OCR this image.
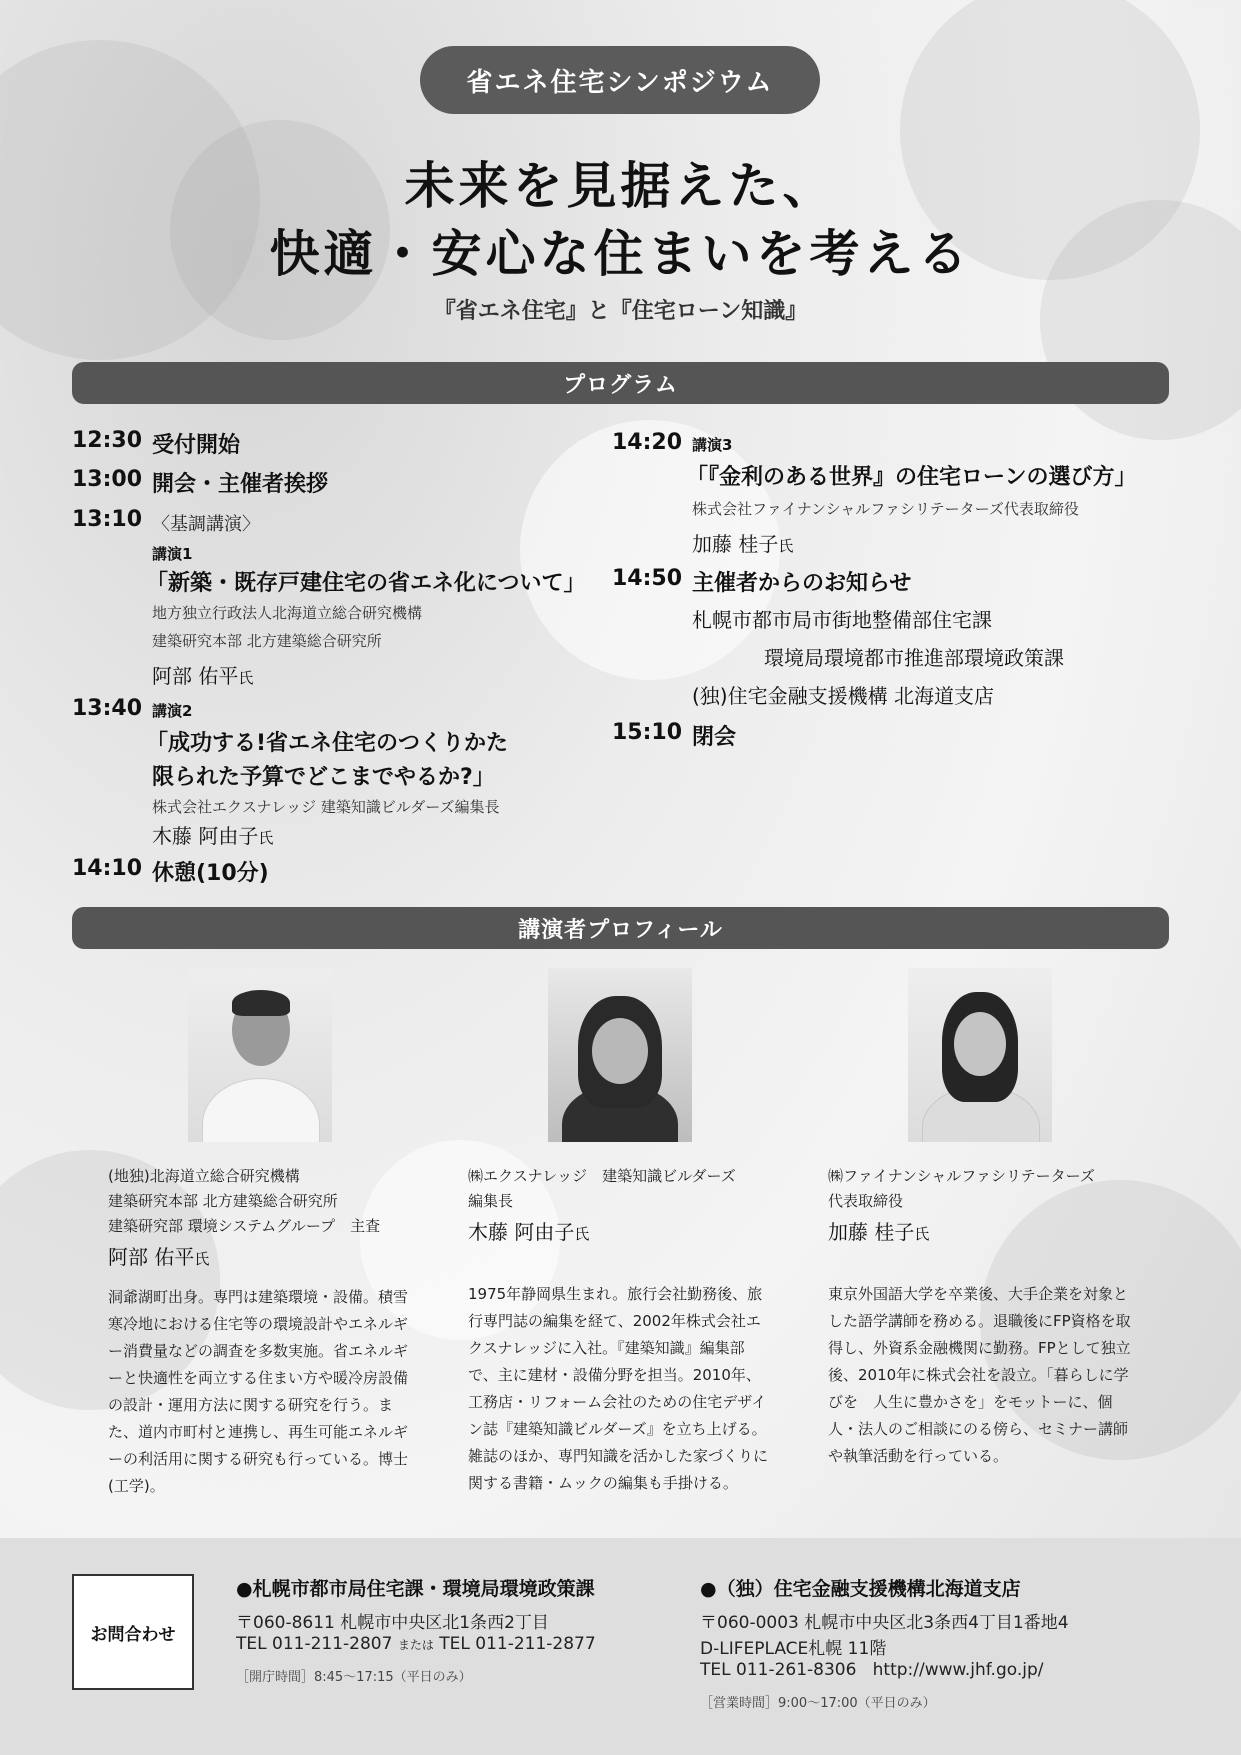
省エネ住宅シンポジウム
未来を見据えた、
快適・安心な住まいを考える
『省エネ住宅』と『住宅ローン知識』
プログラム
12:30 受付開始
13:00 開会・主催者挨拶
13:10 〈基調講演〉
講演1
「新築・既存戸建住宅の省エネ化について」
地方独立行政法人北海道立総合研究機構
建築研究本部 北方建築総合研究所
阿部 佑平氏
13:40 講演2
「成功する!省エネ住宅のつくりかた
限られた予算でどこまでやるか?」
株式会社エクスナレッジ 建築知識ビルダーズ編集長
木藤 阿由子氏
14:10 休憩(10分)
14:20 講演3
「『金利のある世界』の住宅ローンの選び方」
株式会社ファイナンシャルファシリテーターズ代表取締役
加藤 桂子氏
14:50 主催者からのお知らせ
札幌市都市局市街地整備部住宅課
環境局環境都市推進部環境政策課
(独)住宅金融支援機構 北海道支店
15:10 閉会
講演者プロフィール
(地独)北海道立総合研究機構
建築研究本部 北方建築総合研究所
建築研究部 環境システムグループ　主査
阿部 佑平氏
洞爺湖町出身。専門は建築環境・設備。積雪寒冷地における住宅等の環境設計やエネルギー消費量などの調査を多数実施。省エネルギーと快適性を両立する住まい方や暖冷房設備の設計・運用方法に関する研究を行う。また、道内市町村と連携し、再生可能エネルギーの利活用に関する研究も行っている。博士(工学)。
㈱エクスナレッジ　建築知識ビルダーズ
編集長
木藤 阿由子氏
1975年静岡県生まれ。旅行会社勤務後、旅行専門誌の編集を経て、2002年株式会社エクスナレッジに入社。『建築知識』編集部で、主に建材・設備分野を担当。2010年、工務店・リフォーム会社のための住宅デザイン誌『建築知識ビルダーズ』を立ち上げる。雑誌のほか、専門知識を活かした家づくりに関する書籍・ムックの編集も手掛ける。
㈱ファイナンシャルファシリテーターズ
代表取締役
加藤 桂子氏
東京外国語大学を卒業後、大手企業を対象とした語学講師を務める。退職後にFP資格を取得し、外資系金融機関に勤務。FPとして独立後、2010年に株式会社を設立。「暮らしに学びを　人生に豊かさを」をモットーに、個人・法人のご相談にのる傍ら、セミナー講師や執筆活動を行っている。
お問合わせ
●札幌市都市局住宅課・環境局環境政策課
〒060-8611 札幌市中央区北1条西2丁目
TEL 011-211-2807 または TEL 011-211-2877
［開庁時間］8:45～17:15（平日のみ）
●（独）住宅金融支援機構北海道支店
〒060-0003 札幌市中央区北3条西4丁目1番地4
D-LIFEPLACE札幌 11階
TEL 011-261-8306 http://www.jhf.go.jp/
［営業時間］9:00～17:00（平日のみ）
